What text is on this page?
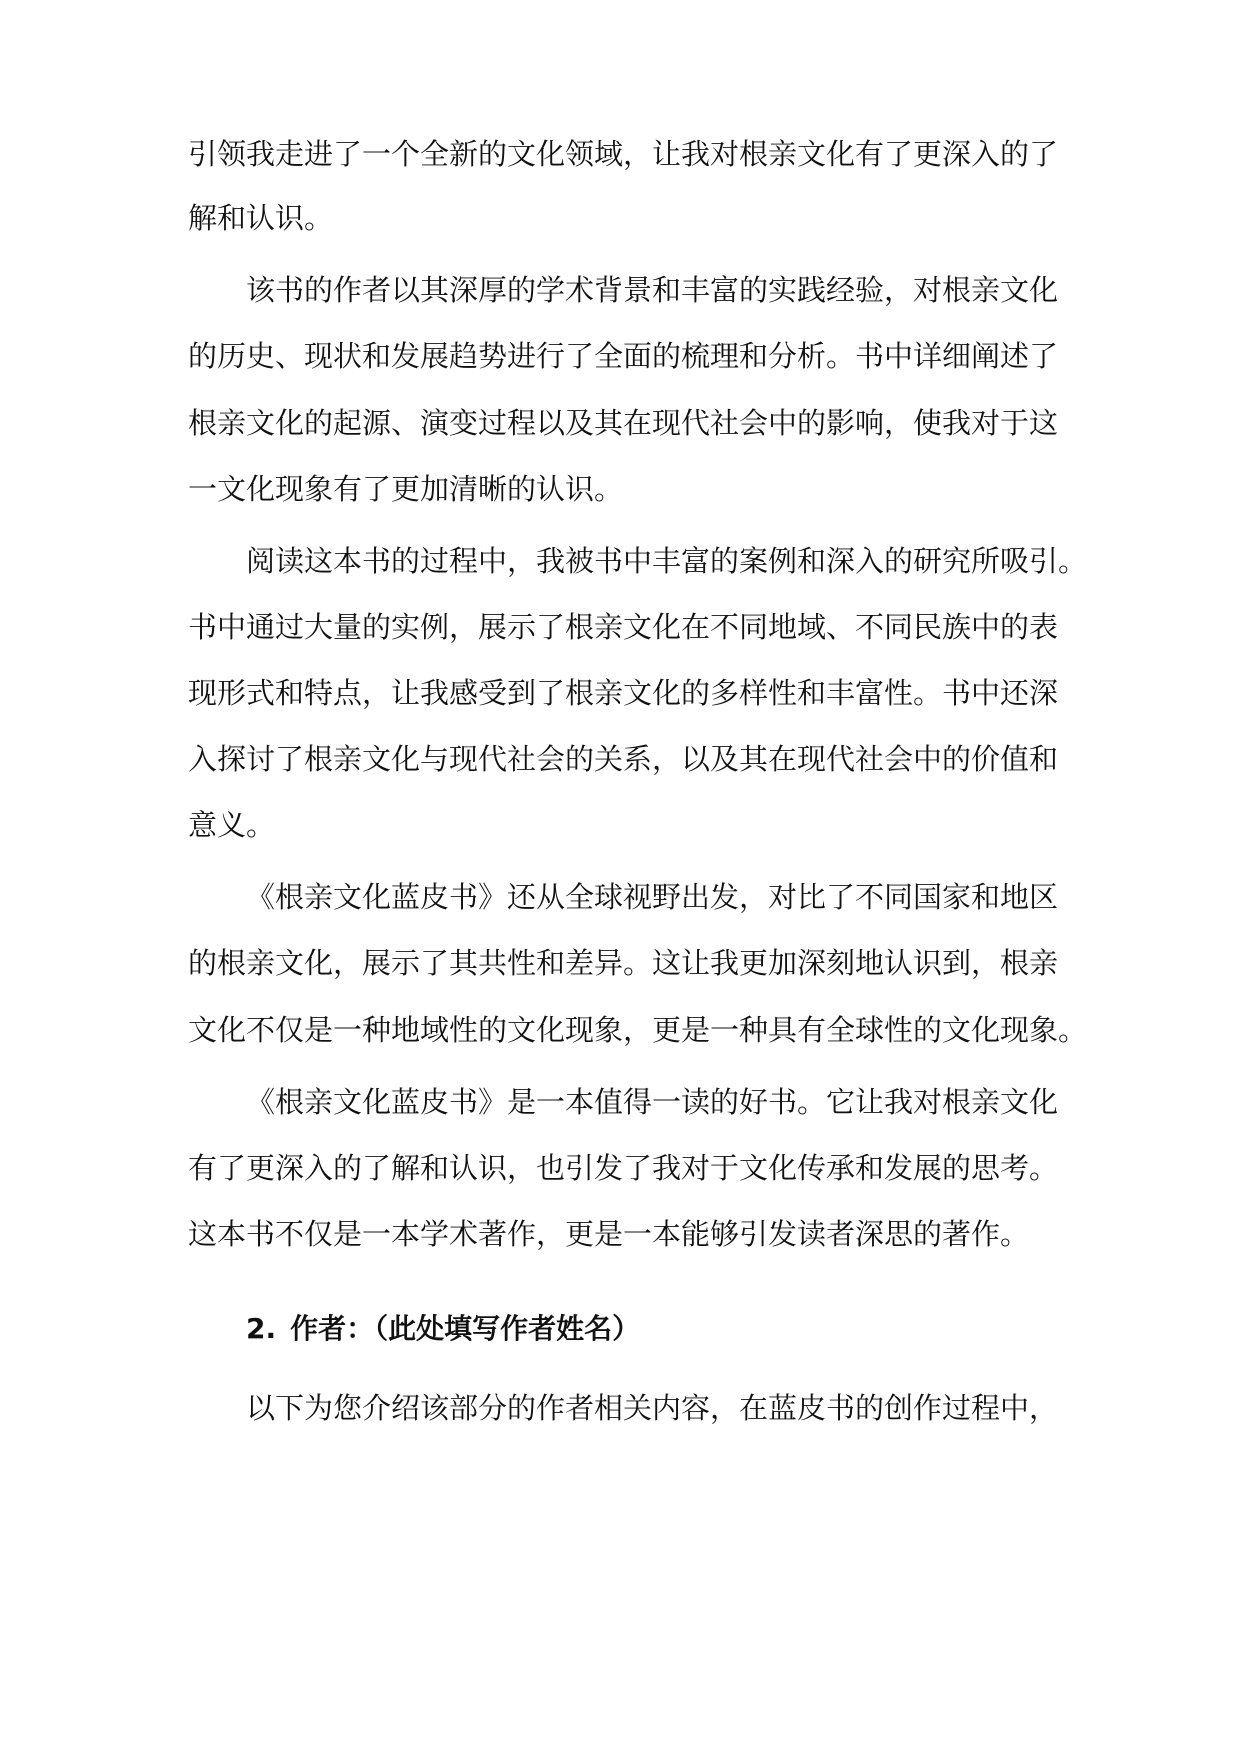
引领我走进了一个全新的文化领域，让我对根亲文化有了更深入的了
解和认识。
该书的作者以其深厚的学术背景和丰富的实践经验，对根亲文化
的历史、现状和发展趋势进行了全面的梳理和分析。书中详细阐述了
根亲文化的起源、演变过程以及其在现代社会中的影响，使我对于这
一文化现象有了更加清晰的认识。
阅读这本书的过程中，我被书中丰富的案例和深入的研究所吸引。
书中通过大量的实例，展示了根亲文化在不同地域、不同民族中的表
现形式和特点，让我感受到了根亲文化的多样性和丰富性。书中还深
入探讨了根亲文化与现代社会的关系，以及其在现代社会中的价值和
意义。
《根亲文化蓝皮书》还从全球视野出发，对比了不同国家和地区
的根亲文化，展示了其共性和差异。这让我更加深刻地认识到，根亲
文化不仅是一种地域性的文化现象，更是一种具有全球性的文化现象。
《根亲文化蓝皮书》是一本值得一读的好书。它让我对根亲文化
有了更深入的了解和认识，也引发了我对于文化传承和发展的思考。
这本书不仅是一本学术著作，更是一本能够引发读者深思的著作。
2. 作者：（此处填写作者姓名）
以下为您介绍该部分的作者相关内容，在蓝皮书的创作过程中，
